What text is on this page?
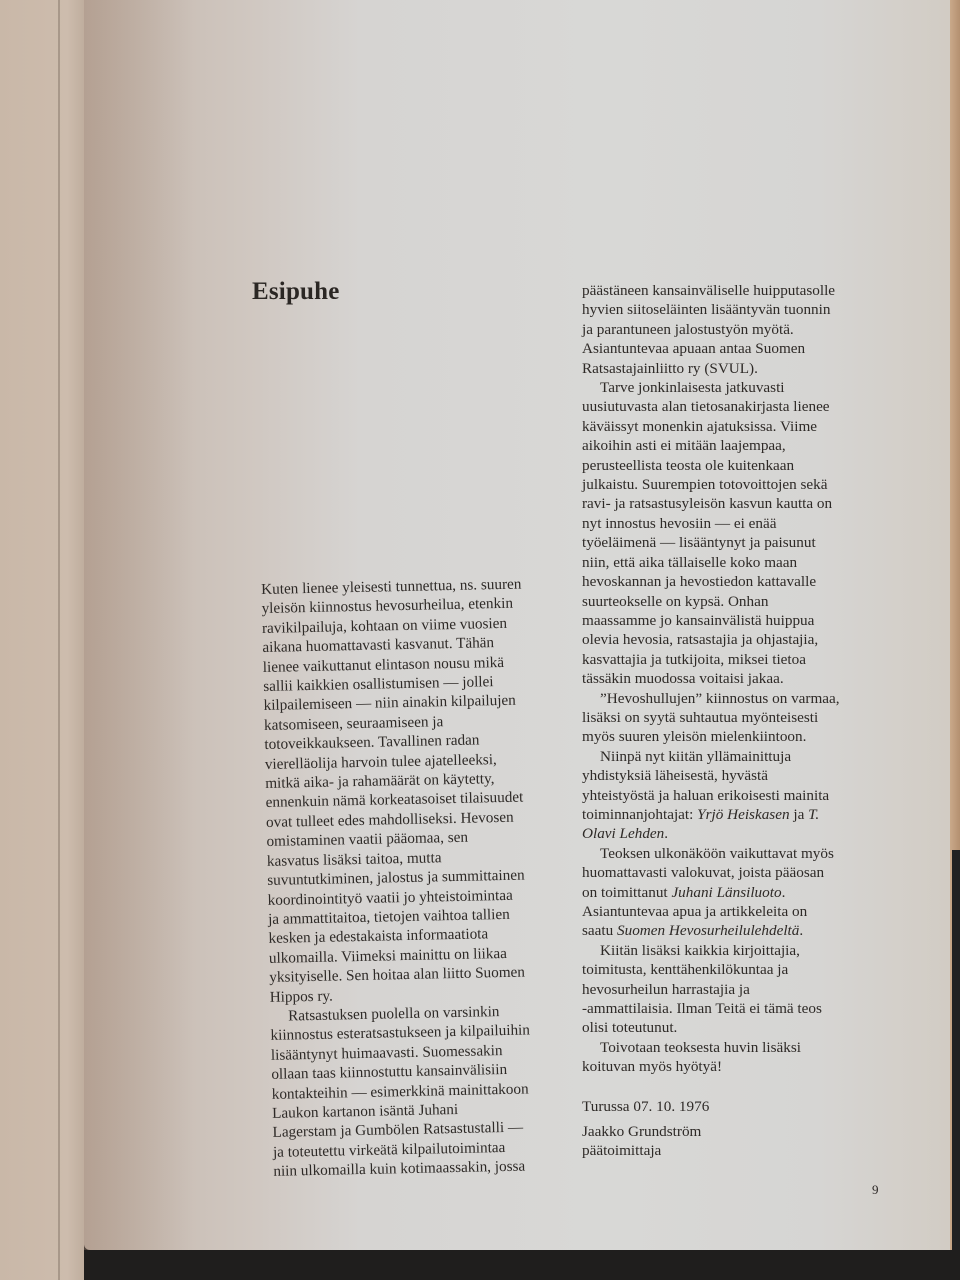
Esipuhe
Kuten lienee yleisesti tunnettua, ns. suuren
yleisön kiinnostus hevosurheilua, etenkin
ravikilpailuja, kohtaan on viime vuosien
aikana huomattavasti kasvanut. Tähän
lienee vaikuttanut elintason nousu mikä
sallii kaikkien osallistumisen — jollei
kilpailemiseen — niin ainakin kilpailujen
katsomiseen, seuraamiseen ja
totoveikkaukseen. Tavallinen radan
vierelläolija harvoin tulee ajatelleeksi,
mitkä aika- ja rahamäärät on käytetty,
ennenkuin nämä korkeatasoiset tilaisuudet
ovat tulleet edes mahdolliseksi. Hevosen
omistaminen vaatii pääomaa, sen
kasvatus lisäksi taitoa, mutta
suvuntutkiminen, jalostus ja summittainen
koordinointityö vaatii jo yhteistoimintaa
ja ammattitaitoa, tietojen vaihtoa tallien
kesken ja edestakaista informaatiota
ulkomailla. Viimeksi mainittu on liikaa
yksityiselle. Sen hoitaa alan liitto Suomen
Hippos ry.
Ratsastuksen puolella on varsinkin
kiinnostus esteratsastukseen ja kilpailuihin
lisääntynyt huimaavasti. Suomessakin
ollaan taas kiinnostuttu kansainvälisiin
kontakteihin — esimerkkinä mainittakoon
Laukon kartanon isäntä Juhani
Lagerstam ja Gumbölen Ratsastustalli —
ja toteutettu virkeätä kilpailutoimintaa
niin ulkomailla kuin kotimaassakin, jossa
päästäneen kansainväliselle huipputasolle
hyvien siitoseläinten lisääntyvän tuonnin
ja parantuneen jalostustyön myötä.
Asiantuntevaa apuaan antaa Suomen
Ratsastajainliitto ry (SVUL).
Tarve jonkinlaisesta jatkuvasti
uusiutuvasta alan tietosanakirjasta lienee
käväissyt monenkin ajatuksissa. Viime
aikoihin asti ei mitään laajempaa,
perusteellista teosta ole kuitenkaan
julkaistu. Suurempien totovoittojen sekä
ravi- ja ratsastusyleisön kasvun kautta on
nyt innostus hevosiin — ei enää
työeläimenä — lisääntynyt ja paisunut
niin, että aika tällaiselle koko maan
hevoskannan ja hevostiedon kattavalle
suurteokselle on kypsä. Onhan
maassamme jo kansainvälistä huippua
olevia hevosia, ratsastajia ja ohjastajia,
kasvattajia ja tutkijoita, miksei tietoa
tässäkin muodossa voitaisi jakaa.
”Hevoshullujen” kiinnostus on varmaa,
lisäksi on syytä suhtautua myönteisesti
myös suuren yleisön mielenkiintoon.
Niinpä nyt kiitän yllämainittuja
yhdistyksiä läheisestä, hyvästä
yhteistyöstä ja haluan erikoisesti mainita
toiminnanjohtajat: Yrjö Heiskasen ja T.
Olavi Lehden.
Teoksen ulkonäköön vaikuttavat myös
huomattavasti valokuvat, joista pääosan
on toimittanut Juhani Länsiluoto.
Asiantuntevaa apua ja artikkeleita on
saatu Suomen Hevosurheilulehdeltä.
Kiitän lisäksi kaikkia kirjoittajia,
toimitusta, kenttähenkilökuntaa ja
hevosurheilun harrastajia ja
-ammattilaisia. Ilman Teitä ei tämä teos
olisi toteutunut.
Toivotaan teoksesta huvin lisäksi
koituvan myös hyötyä!
Turussa 07. 10. 1976
Jaakko Grundström
päätoimittaja
9
